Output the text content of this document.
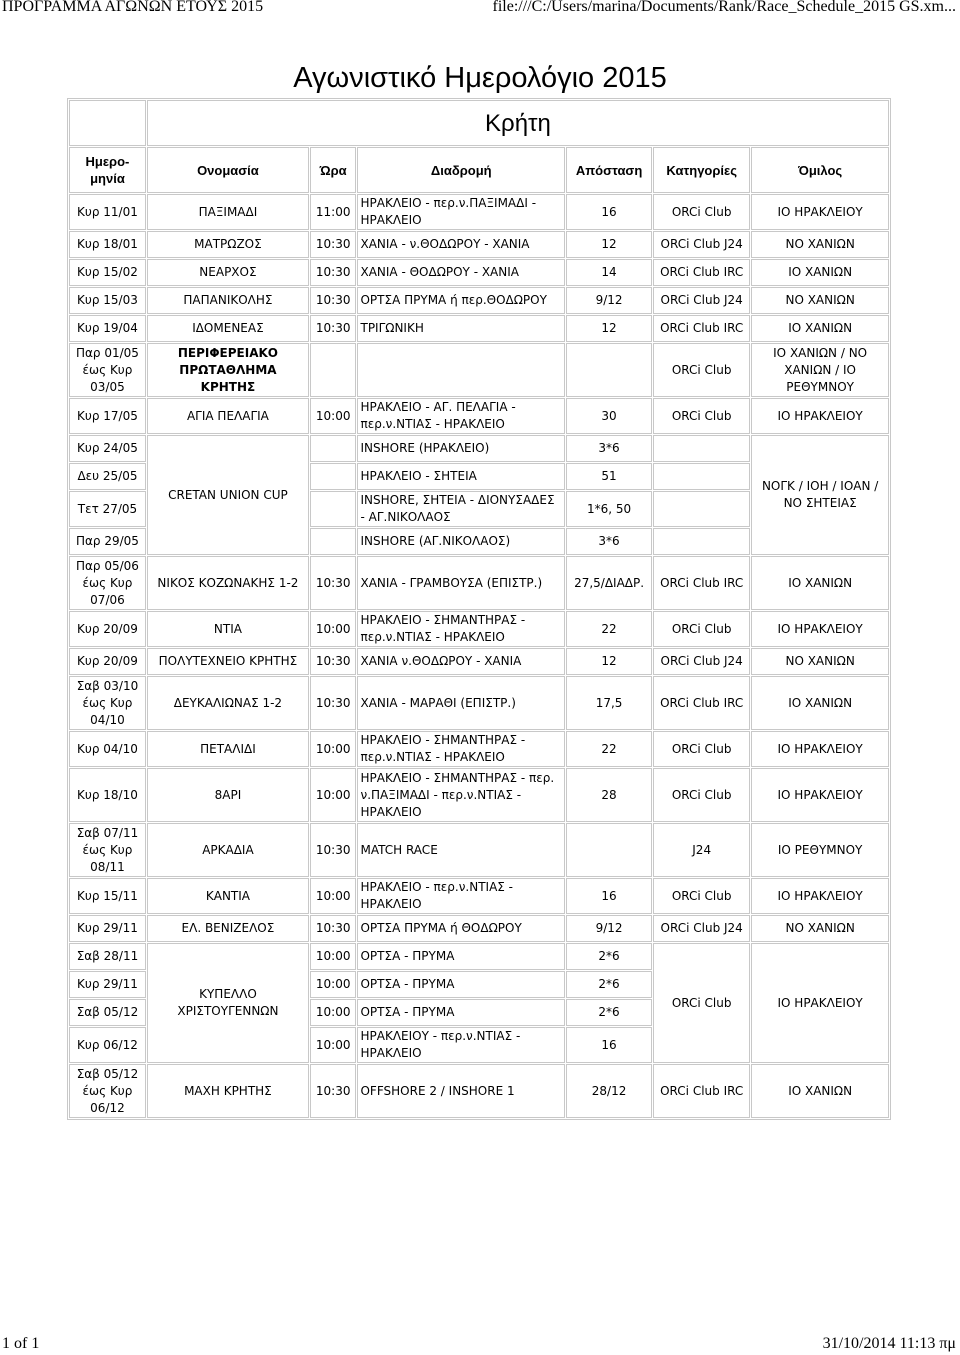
ΠΡΟΓΡΑΜΜΑ ΑΓΩΝΩΝ ΕΤΟΥΣ 2015	file:///C:/Users/marina/Documents/Rank/Race_Schedule_2015 GS.xm...
Αγωνιστικό Ημερολόγιο 2015
	Κρήτη					
Ημερο-μηνία	Ονομασία	Ώρα	Διαδρομή	Απόσταση	Κατηγορίες	Όμιλος
Κυρ 11/01	ΠΑΞΙΜΑΔΙ	11:00	ΗΡΑΚΛΕΙΟ - περ.ν.ΠΑΞΙΜΑΔΙ - ΗΡΑΚΛΕΙΟ	16	ORCi Club	ΙΟ ΗΡΑΚΛΕΙΟΥ
Κυρ 18/01	ΜΑΤΡΩΖΟΣ	10:30	ΧΑΝΙΑ - ν.ΘΟΔΩΡΟΥ - ΧΑΝΙΑ	12	ORCi Club J24	ΝΟ ΧΑΝΙΩΝ
Κυρ 15/02	ΝΕΑΡΧΟΣ	10:30	ΧΑΝΙΑ - ΘΟΔΩΡΟΥ - ΧΑΝΙΑ	14	ORCi Club IRC	ΙΟ ΧΑΝΙΩΝ
Κυρ 15/03	ΠΑΠΑΝΙΚΟΛΗΣ	10:30	ΟΡΤΣΑ ΠΡΥΜΑ ή περ.ΘΟΔΩΡΟΥ	9/12	ORCi Club J24	ΝΟ ΧΑΝΙΩΝ
Κυρ 19/04	ΙΔΟΜΕΝΕΑΣ	10:30	ΤΡΙΓΩΝΙΚΗ	12	ORCi Club IRC	ΙΟ ΧΑΝΙΩΝ
Παρ 01/05 έως Κυρ 03/05	ΠΕΡΙΦΕΡΕΙΑΚΟ ΠΡΩΤΑΘΛΗΜΑ ΚΡΗΤΗΣ				ORCi Club	ΙΟ ΧΑΝΙΩΝ / ΝΟ ΧΑΝΙΩΝ / ΙΟ ΡΕΘΥΜΝΟΥ
Κυρ 17/05	ΑΓΙΑ ΠΕΛΑΓΙΑ	10:00	ΗΡΑΚΛΕΙΟ - ΑΓ. ΠΕΛΑΓΙΑ - περ.ν.ΝΤΙΑΣ - ΗΡΑΚΛΕΙΟ	30	ORCi Club	ΙΟ ΗΡΑΚΛΕΙΟΥ
Κυρ 24/05	CRETAN UNION CUP		INSHORE (ΗΡΑΚΛΕΙΟ)	3*6		ΝΟΓΚ / ΙΟΗ / ΙΟΑΝ / ΝΟ ΣΗΤΕΙΑΣ
Δευ 25/05			ΗΡΑΚΛΕΙΟ - ΣΗΤΕΙΑ	51		
Τετ 27/05			INSHORE, ΣΗΤΕΙΑ - ΔΙΟΝΥΣΑΔΕΣ - ΑΓ.ΝΙΚΟΛΑΟΣ	1*6, 50		
Παρ 29/05			INSHORE (ΑΓ.ΝΙΚΟΛΑΟΣ)	3*6		
Παρ 05/06 έως Κυρ 07/06	ΝΙΚΟΣ ΚΟΖΩΝΑΚΗΣ 1-2	10:30	ΧΑΝΙΑ - ΓΡΑΜΒΟΥΣΑ (ΕΠΙΣΤΡ.)	27,5/ΔΙΑΔΡ.	ORCi Club IRC	ΙΟ ΧΑΝΙΩΝ
Κυρ 20/09	ΝΤΙΑ	10:00	ΗΡΑΚΛΕΙΟ - ΣΗΜΑΝΤΗΡΑΣ - περ.ν.ΝΤΙΑΣ - ΗΡΑΚΛΕΙΟ	22	ORCi Club	ΙΟ ΗΡΑΚΛΕΙΟΥ
Κυρ 20/09	ΠΟΛΥΤΕΧΝΕΙΟ ΚΡΗΤΗΣ	10:30	ΧΑΝΙΑ ν.ΘΟΔΩΡΟΥ - ΧΑΝΙΑ	12	ORCi Club J24	ΝΟ ΧΑΝΙΩΝ
Σαβ 03/10 έως Κυρ 04/10	ΔΕΥΚΑΛΙΩΝΑΣ 1-2	10:30	ΧΑΝΙΑ - ΜΑΡΑΘΙ (ΕΠΙΣΤΡ.)	17,5	ORCi Club IRC	ΙΟ ΧΑΝΙΩΝ
Κυρ 04/10	ΠΕΤΑΛΙΔΙ	10:00	ΗΡΑΚΛΕΙΟ - ΣΗΜΑΝΤΗΡΑΣ - περ.ν.ΝΤΙΑΣ - ΗΡΑΚΛΕΙΟ	22	ORCi Club	ΙΟ ΗΡΑΚΛΕΙΟΥ
Κυρ 18/10	8ΑΡΙ	10:00	ΗΡΑΚΛΕΙΟ - ΣΗΜΑΝΤΗΡΑΣ - περ. ν.ΠΑΞΙΜΑΔΙ - περ.ν.ΝΤΙΑΣ - ΗΡΑΚΛΕΙΟ	28	ORCi Club	ΙΟ ΗΡΑΚΛΕΙΟΥ
Σαβ 07/11 έως Κυρ 08/11	ΑΡΚΑΔΙΑ	10:30	MATCH RACE		J24	ΙΟ ΡΕΘΥΜΝΟΥ
Κυρ 15/11	ΚΑΝΤΙΑ	10:00	ΗΡΑΚΛΕΙΟ - περ.ν.ΝΤΙΑΣ - ΗΡΑΚΛΕΙΟ	16	ORCi Club	ΙΟ ΗΡΑΚΛΕΙΟΥ
Κυρ 29/11	ΕΛ. ΒΕΝΙΖΕΛΟΣ	10:30	ΟΡΤΣΑ ΠΡΥΜΑ ή ΘΟΔΩΡΟΥ	9/12	ORCi Club J24	ΝΟ ΧΑΝΙΩΝ
Σαβ 28/11	ΚΥΠΕΛΛΟ ΧΡΙΣΤΟΥΓΕΝΝΩΝ	10:00	ΟΡΤΣΑ - ΠΡΥΜΑ	2*6	ORCi Club	ΙΟ ΗΡΑΚΛΕΙΟΥ
Κυρ 29/11		10:00	ΟΡΤΣΑ - ΠΡΥΜΑ	2*6		
Σαβ 05/12		10:00	ΟΡΤΣΑ - ΠΡΥΜΑ	2*6		
Κυρ 06/12		10:00	ΗΡΑΚΛΕΙΟΥ - περ.ν.ΝΤΙΑΣ - ΗΡΑΚΛΕΙΟ	16		
Σαβ 05/12 έως Κυρ 06/12	ΜΑΧΗ ΚΡΗΤΗΣ	10:30	OFFSHORE 2 / INSHORE 1	28/12	ORCi Club IRC	ΙΟ ΧΑΝΙΩΝ
1 of 1	31/10/2014 11:13 πμ
